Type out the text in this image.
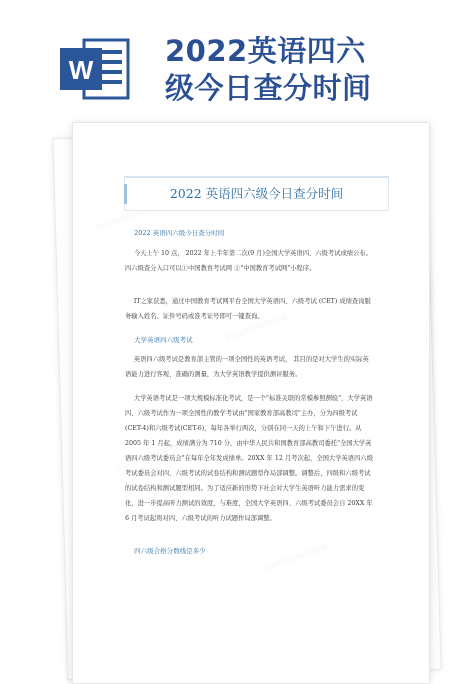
W
2022英语四六
级今日查分时间
2022 英语四六级今日查分时间
2022 英语四六级今日查分时间

今天上午 10 点， 2022 年上半年第二次(9 月)全国大学英语四、六级考试成绩公布。 四六级查分入口可以①中国教育考试网 ②"中国教育考试网"小程序。

IT之家获悉，通过中国教育考试网平台全国大学英语四、六级考试 (CET) 成绩查询服务输入姓名、证件号码或准考证号即可一键查询。

大学英语四六级考试

英语四六级考试是教育部主管的一项全国性的英语考试， 其目的是对大学生的实际英语能力进行客观、准确的测量，为大学英语教学提供测评服务。

大学英语考试是一项大规模标准化考试，是一个"标准关联的常模参照测验"，大学英语四、六级考试作为一项全国性的教学考试由"国家教育部高教司"主办，分为四级考试(CET-4)和六级考试(CET-6)，每年各举行两次，分别在同一天的上午和下午进行。从 2005 年 1 月起，成绩满分为 710 分，由中华人民共和国教育部高教司委托"全国大学英语四六级考试委员会"在每年全年发成绩单。20XX 年 12 月考次起，全国大学英语四六级考试委员会对四、六级考试的试卷结构和测试题型作局部调整。调整后，四级和六级考试的试卷结构和测试题型相同。为了适应新的形势下社会对大学生英语听力能力需求的变化，进一步提高听力测试的效度，与难度，全国大学英语四、六级考试委员会自 20XX 年 6 月考试起将对四、六级考试的听力试题作局部调整。

四六级合格分数线是多少
